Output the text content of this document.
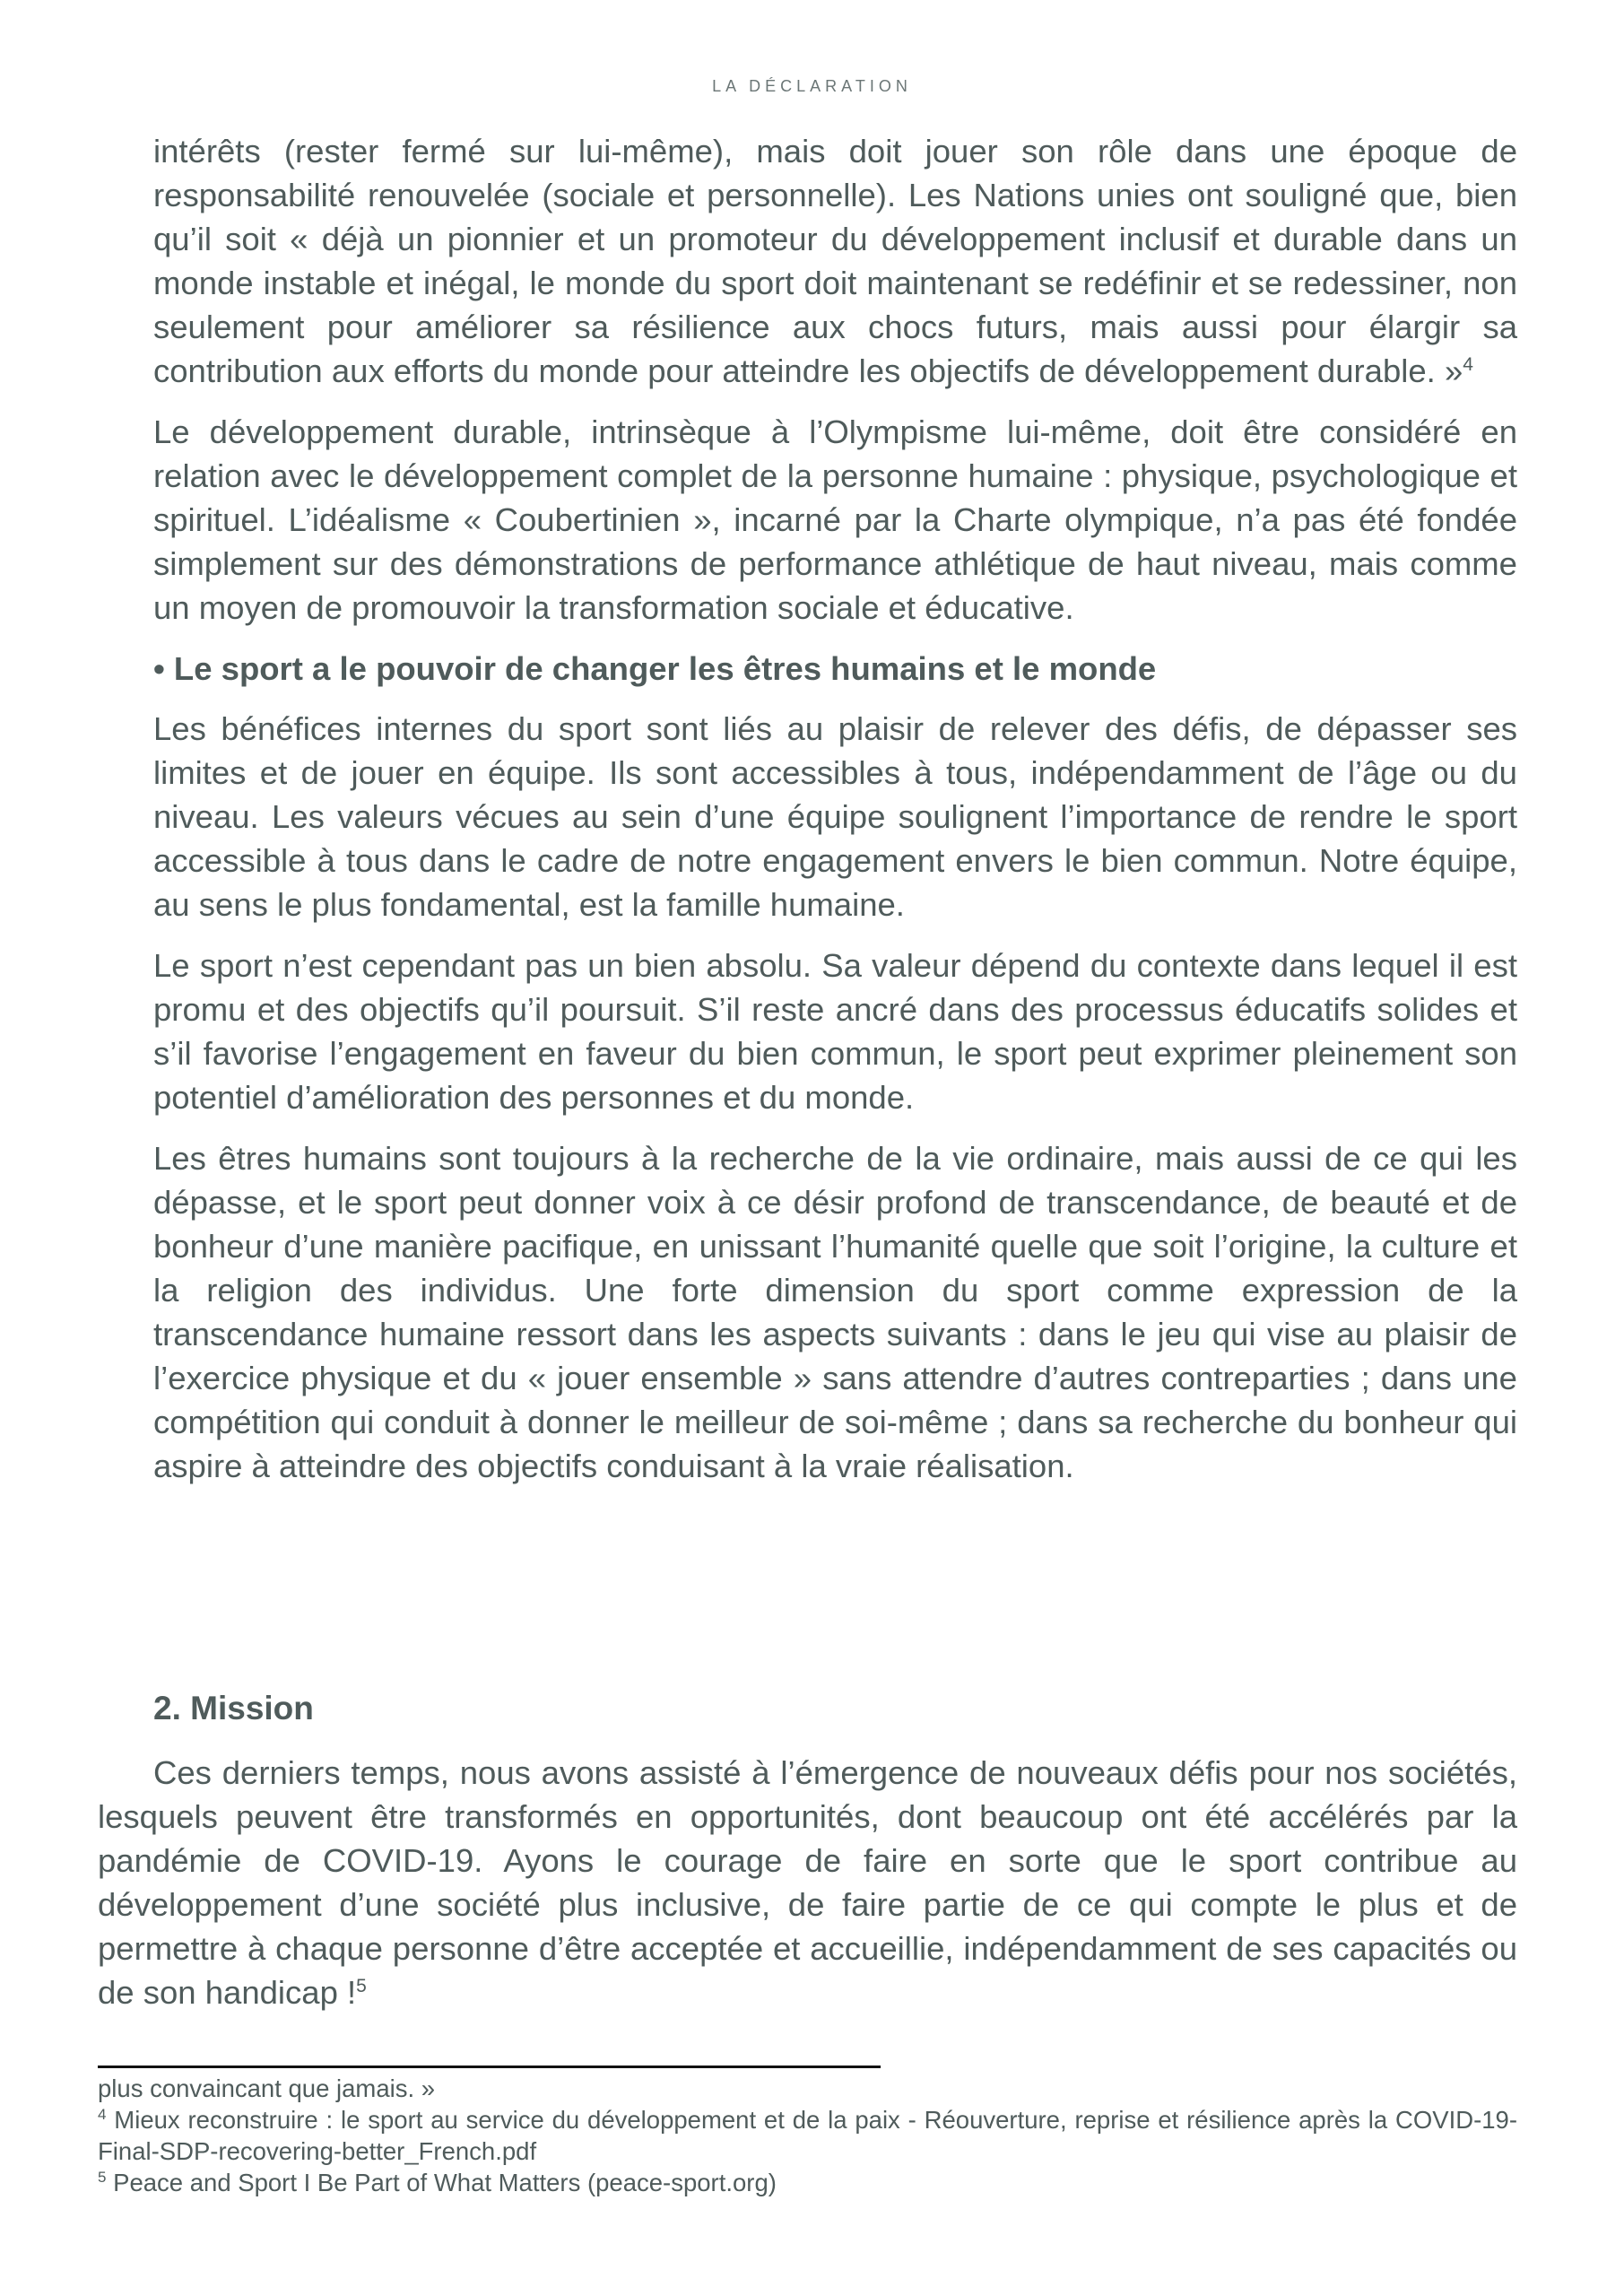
LA DÉCLARATION

intérêts (rester fermé sur lui-même), mais doit jouer son rôle dans une époque de responsabilité renouvelée (sociale et personnelle). Les Nations unies ont souligné que, bien qu’il soit « déjà un pionnier et un promoteur du développement inclusif et durable dans un monde instable et inégal, le monde du sport doit maintenant se redéfinir et se redessiner, non seulement pour améliorer sa résilience aux chocs futurs, mais aussi pour élargir sa contribution aux efforts du monde pour atteindre les objectifs de développement durable. »$^4$

Le développement durable, intrinsèque à l’Olympisme lui-même, doit être considéré en relation avec le développement complet de la personne humaine : physique, psychologique et spirituel. L’idéalisme « Coubertinien », incarné par la Charte olympique, n’a pas été fondée simplement sur des démonstrations de performance athlétique de haut niveau, mais comme un moyen de promouvoir la transformation sociale et éducative.

• Le sport a le pouvoir de changer les êtres humains et le monde

Les bénéfices internes du sport sont liés au plaisir de relever des défis, de dépasser ses limites et de jouer en équipe. Ils sont accessibles à tous, indépendamment de l’âge ou du niveau. Les valeurs vécues au sein d’une équipe soulignent l’importance de rendre le sport accessible à tous dans le cadre de notre engagement envers le bien commun. Notre équipe, au sens le plus fondamental, est la famille humaine.

Le sport n’est cependant pas un bien absolu. Sa valeur dépend du contexte dans lequel il est promu et des objectifs qu’il poursuit. S’il reste ancré dans des processus éducatifs solides et s’il favorise l’engagement en faveur du bien commun, le sport peut exprimer pleinement son potentiel d’amélioration des personnes et du monde.

Les êtres humains sont toujours à la recherche de la vie ordinaire, mais aussi de ce qui les dépasse, et le sport peut donner voix à ce désir profond de transcendance, de beauté et de bonheur d’une manière pacifique, en unissant l’humanité quelle que soit l’origine, la culture et la religion des individus. Une forte dimension du sport comme expression de la transcendance humaine ressort dans les aspects suivants : dans le jeu qui vise au plaisir de l’exercice physique et du « jouer ensemble » sans attendre d’autres contreparties ; dans une compétition qui conduit à donner le meilleur de soi-même ; dans sa recherche du bonheur qui aspire à atteindre des objectifs conduisant à la vraie réalisation.

2. Mission

Ces derniers temps, nous avons assisté à l’émergence de nouveaux défis pour nos sociétés, lesquels peuvent être transformés en opportunités, dont beaucoup ont été accélérés par la pandémie de COVID-19. Ayons le courage de faire en sorte que le sport contribue au développement d’une société plus inclusive, de faire partie de ce qui compte le plus et de permettre à chaque personne d’être acceptée et accueillie, indépendamment de ses capacités ou de son handicap !$^5$

plus convaincant que jamais. »
$^4$ Mieux reconstruire : le sport au service du développement et de la paix - Réouverture, reprise et résilience après la COVID-19-Final-SDP-recovering-better_French.pdf
$^5$ Peace and Sport I Be Part of What Matters (peace-sport.org)
